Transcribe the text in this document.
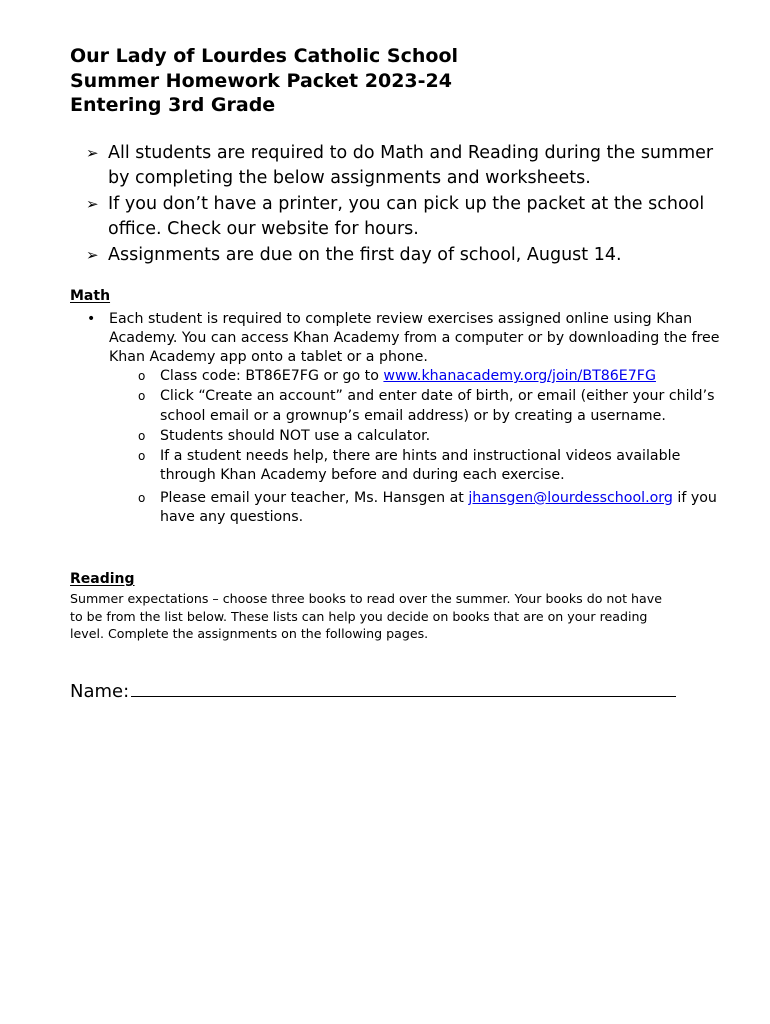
Our Lady of Lourdes Catholic School
Summer Homework Packet 2023-24
Entering 3rd Grade
➢ All students are required to do Math and Reading during the summer by completing the below assignments and worksheets.
➢ If you don’t have a printer, you can pick up the packet at the school office. Check our website for hours.
➢ Assignments are due on the first day of school, August 14.
Math
• Each student is required to complete review exercises assigned online using Khan Academy. You can access Khan Academy from a computer or by downloading the free Khan Academy app onto a tablet or a phone.
o Class code: BT86E7FG or go to www.khanacademy.org/join/BT86E7FG
o Click “Create an account” and enter date of birth, or email (either your child’s school email or a grownup’s email address) or by creating a username.
o Students should NOT use a calculator.
o If a student needs help, there are hints and instructional videos available through Khan Academy before and during each exercise.
o Please email your teacher, Ms. Hansgen at jhansgen@lourdesschool.org if you have any questions.
Reading
Summer expectations – choose three books to read over the summer. Your books do not have to be from the list below. These lists can help you decide on books that are on your reading level. Complete the assignments on the following pages.
Name:
